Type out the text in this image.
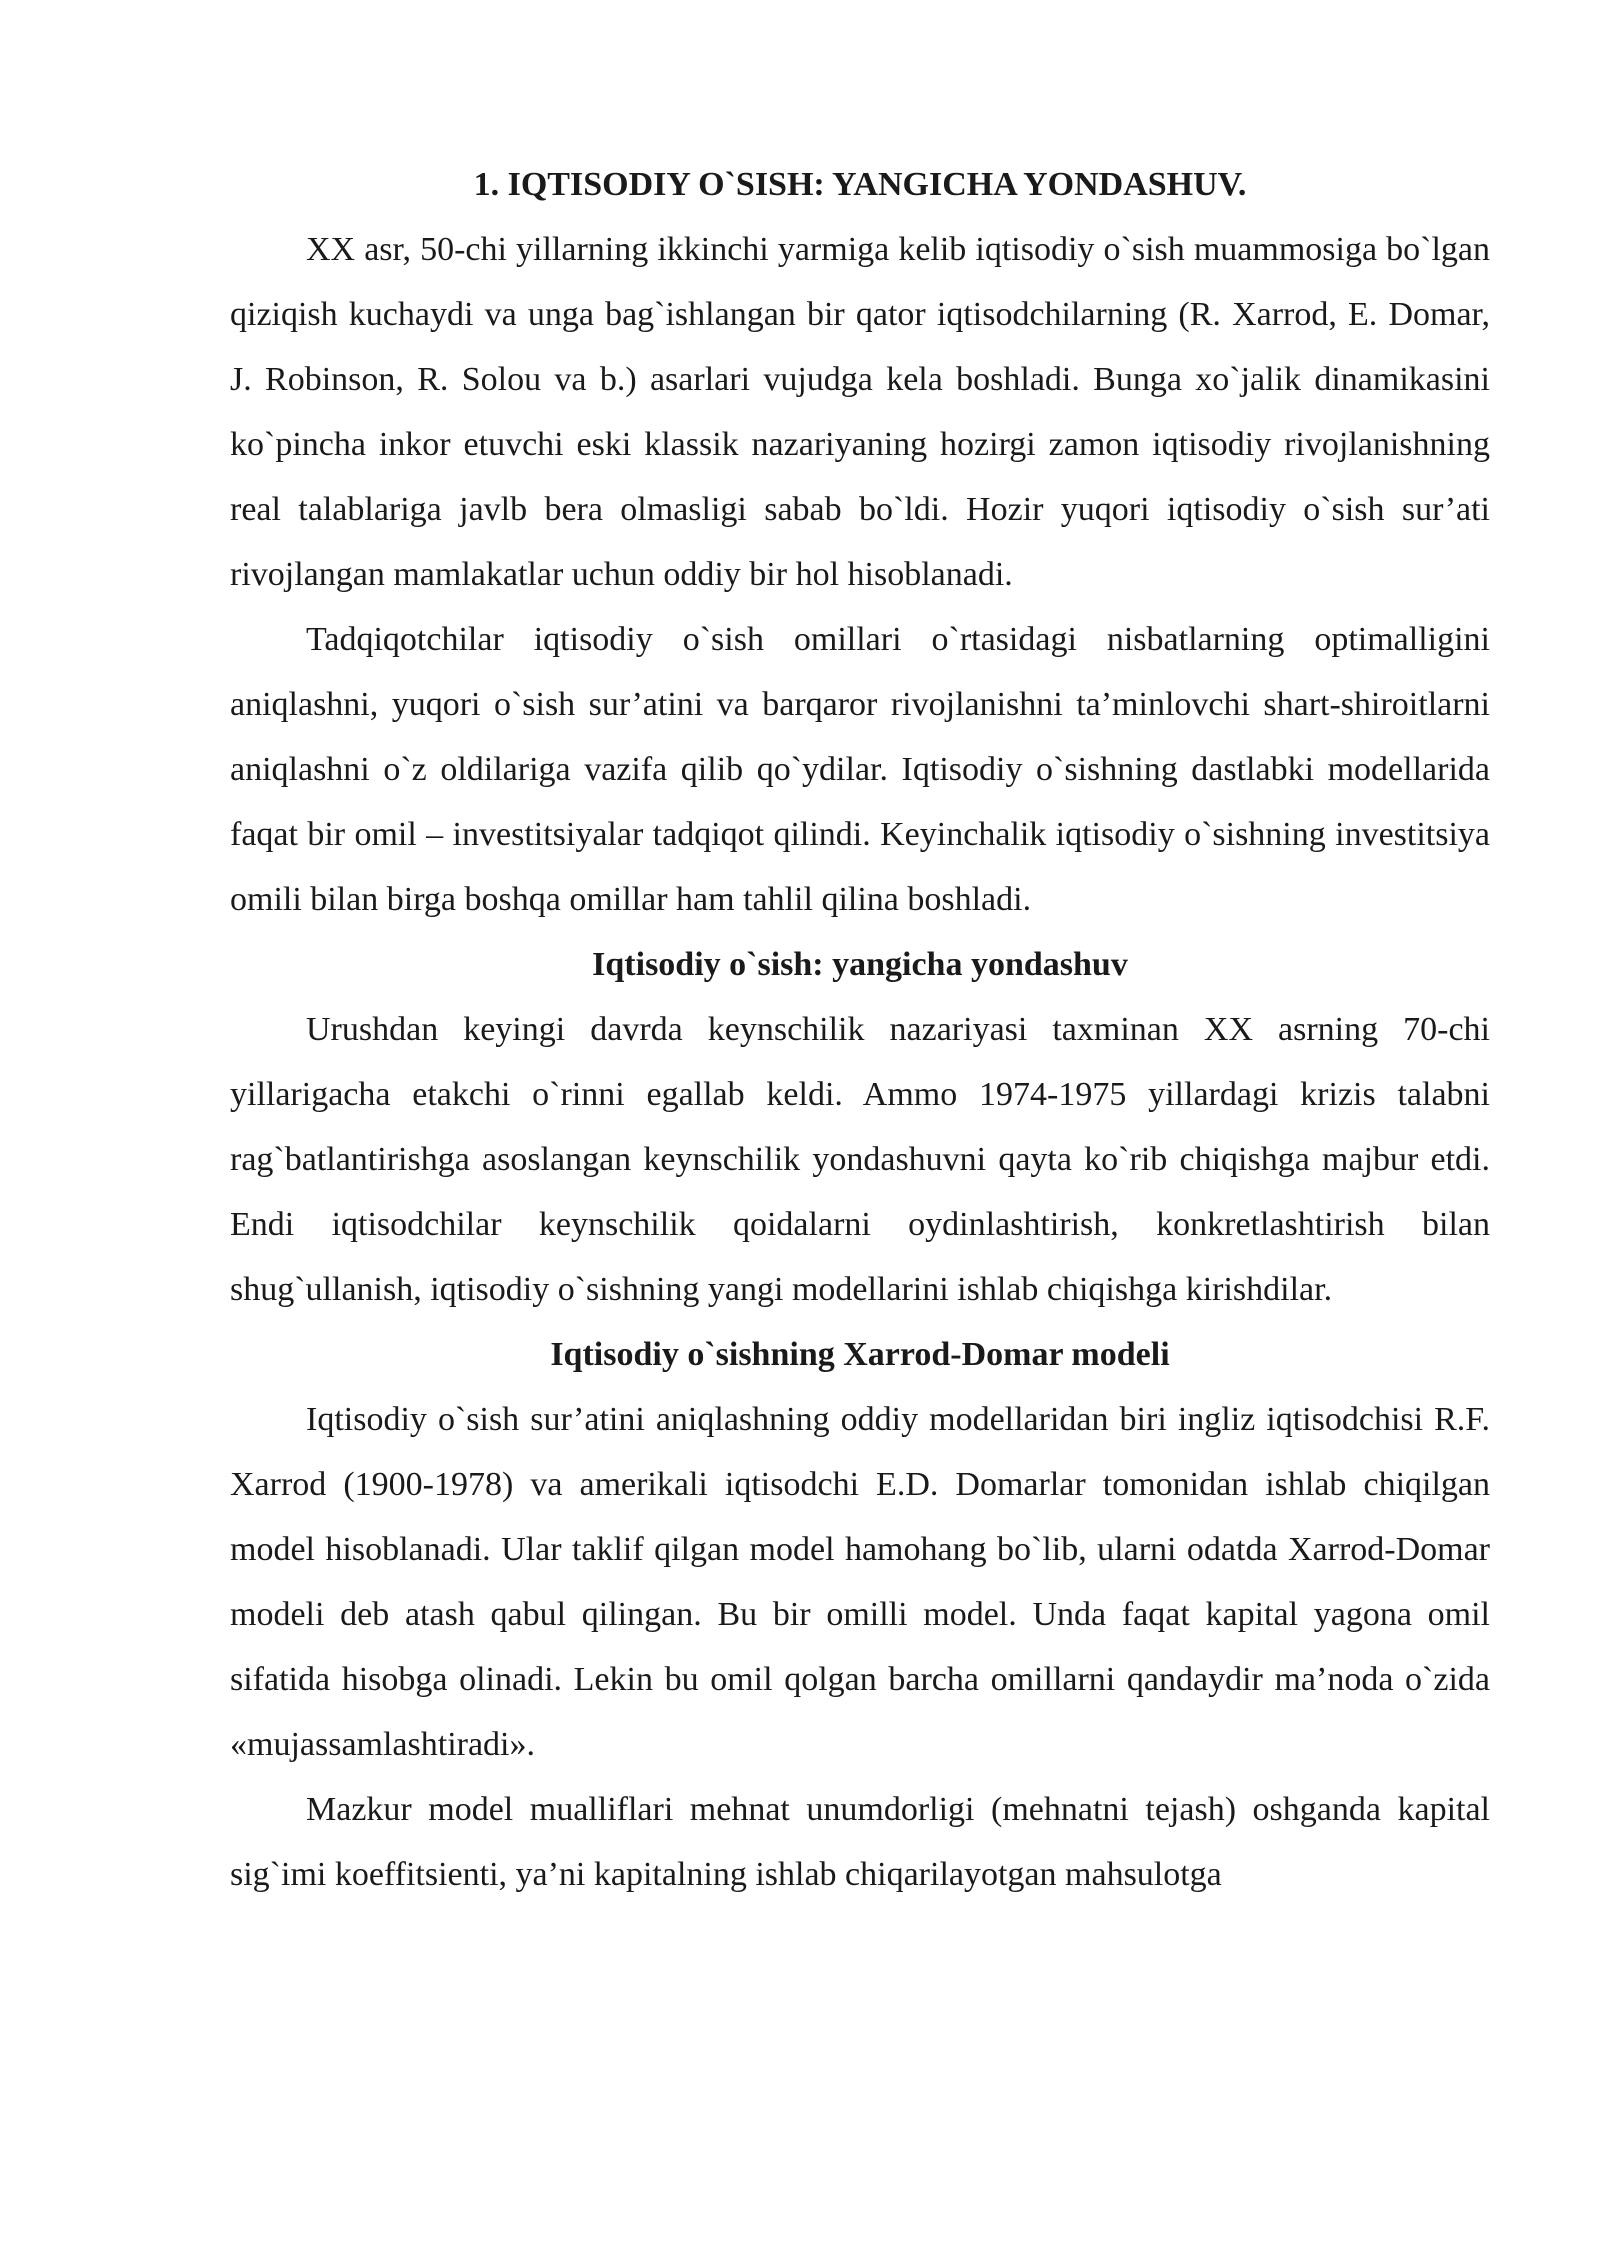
1. IQTISODIY O`SISH: YANGICHA YONDASHUV.

XX asr, 50-chi yillarning ikkinchi yarmiga kelib iqtisodiy o`sish muammosiga bo`lgan qiziqish kuchaydi va unga bag`ishlangan bir qator iqtisodchilarning (R. Xarrod, E. Domar, J. Robinson, R. Solou va b.) asarlari vujudga kela boshladi. Bunga xo`jalik dinamikasini ko`pincha inkor etuvchi eski klassik nazariyaning hozirgi zamon iqtisodiy rivojlanishning real talablariga javlb bera olmasligi sabab bo`ldi. Hozir yuqori iqtisodiy o`sish sur’ati rivojlangan mamlakatlar uchun oddiy bir hol hisoblanadi.

Tadqiqotchilar iqtisodiy o`sish omillari o`rtasidagi nisbatlarning optimalligini aniqlashni, yuqori o`sish sur’atini va barqaror rivojlanishni ta’minlovchi shart-shiroitlarni aniqlashni o`z oldilariga vazifa qilib qo`ydilar. Iqtisodiy o`sishning dastlabki modellarida faqat bir omil – investitsiyalar tadqiqot qilindi. Keyinchalik iqtisodiy o`sishning investitsiya omili bilan birga boshqa omillar ham tahlil qilina boshladi.

Iqtisodiy o`sish: yangicha yondashuv

Urushdan keyingi davrda keynschilik nazariyasi taxminan XX asrning 70-chi yillarigacha etakchi o`rinni egallab keldi. Ammo 1974-1975 yillardagi krizis talabni rag`batlantirishga asoslangan keynschilik yondashuvni qayta ko`rib chiqishga majbur etdi. Endi iqtisodchilar keynschilik qoidalarni oydinlashtirish, konkretlashtirish bilan shug`ullanish, iqtisodiy o`sishning yangi modellarini ishlab chiqishga kirishdilar.

Iqtisodiy o`sishning Xarrod-Domar modeli

Iqtisodiy o`sish sur’atini aniqlashning oddiy modellaridan biri ingliz iqtisodchisi R.F. Xarrod (1900-1978) va amerikali iqtisodchi E.D. Domarlar tomonidan ishlab chiqilgan model hisoblanadi. Ular taklif qilgan model hamohang bo`lib, ularni odatda Xarrod-Domar modeli deb atash qabul qilingan. Bu bir omilli model. Unda faqat kapital yagona omil sifatida hisobga olinadi. Lekin bu omil qolgan barcha omillarni qandaydir ma’noda o`zida «mujassamlashtiradi».

Mazkur model mualliflari mehnat unumdorligi (mehnatni tejash) oshganda kapital sig`imi koeffitsienti, ya’ni kapitalning ishlab chiqarilayotgan mahsulotga
